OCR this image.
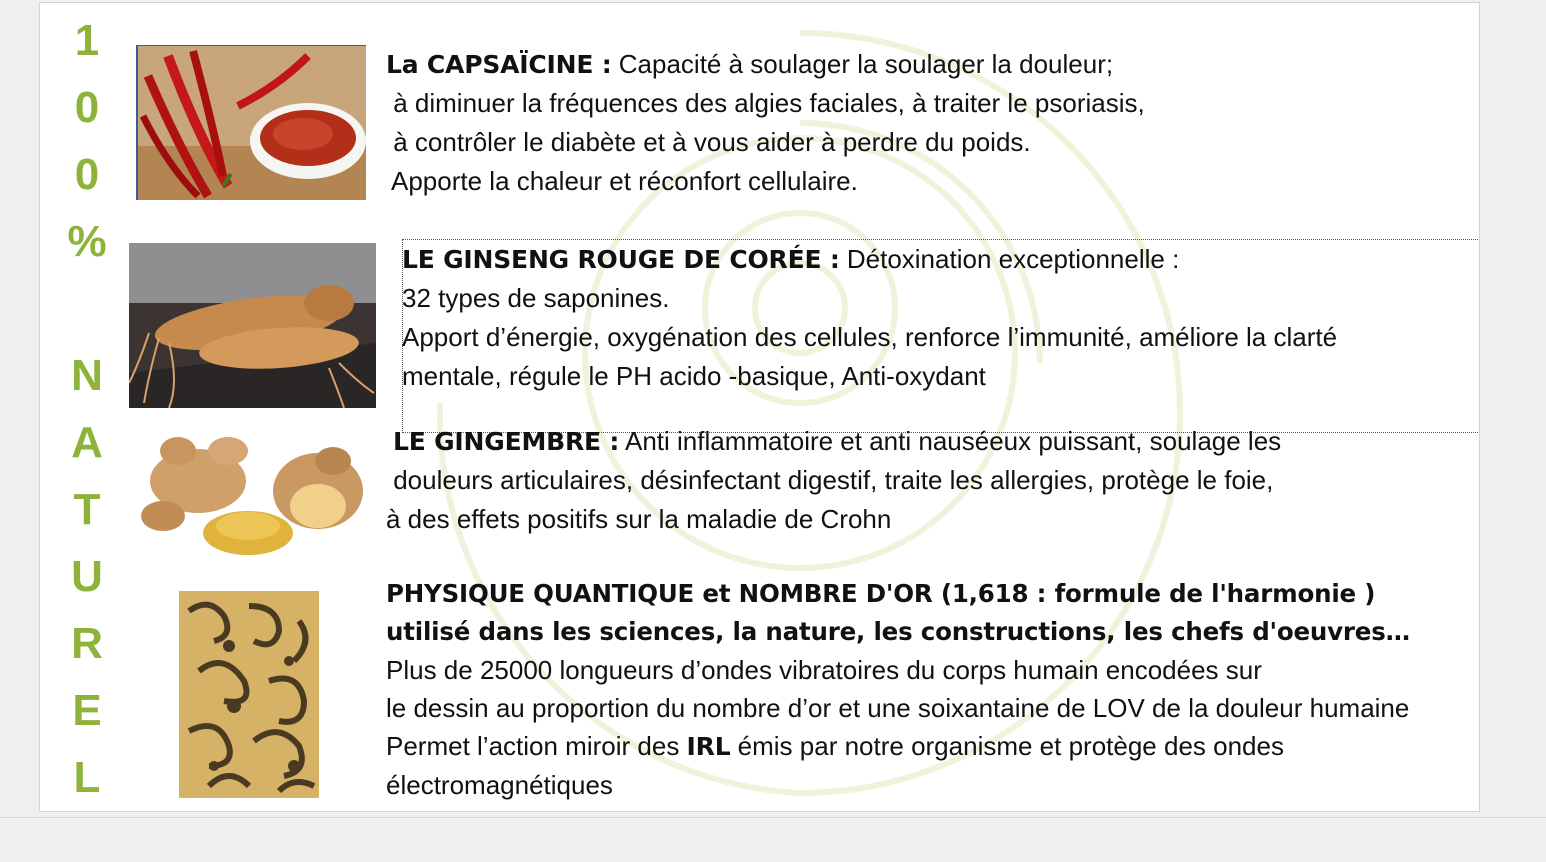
1
0
0
%
N
A
T
U
R
E
L
La CAPSAÏCINE : Capacité à soulager la soulager la douleur;
à diminuer la fréquences des algies faciales, à traiter le psoriasis,
à contrôler le diabète et à vous aider à perdre du poids.
Apporte la chaleur et réconfort cellulaire.
LE GINSENG ROUGE DE CORÉE : Détoxination exceptionnelle :
32 types de saponines.
Apport d’énergie, oxygénation des cellules, renforce l’immunité, améliore la clarté
mentale, régule le PH acido -basique, Anti-oxydant
LE GINGEMBRE : Anti inflammatoire et anti nauséeux puissant, soulage les
douleurs articulaires, désinfectant digestif, traite les allergies, protège le foie,
à des effets positifs sur la maladie de Crohn
PHYSIQUE QUANTIQUE et NOMBRE D'OR (1,618 : formule de l'harmonie )
utilisé dans les sciences, la nature, les constructions, les chefs d'oeuvres…
Plus de 25000 longueurs d’ondes vibratoires du corps humain encodées sur
le dessin au proportion du nombre d’or et une soixantaine de LOV de la douleur humaine
Permet l’action miroir des IRL émis par notre organisme et protège des ondes
électromagnétiques
